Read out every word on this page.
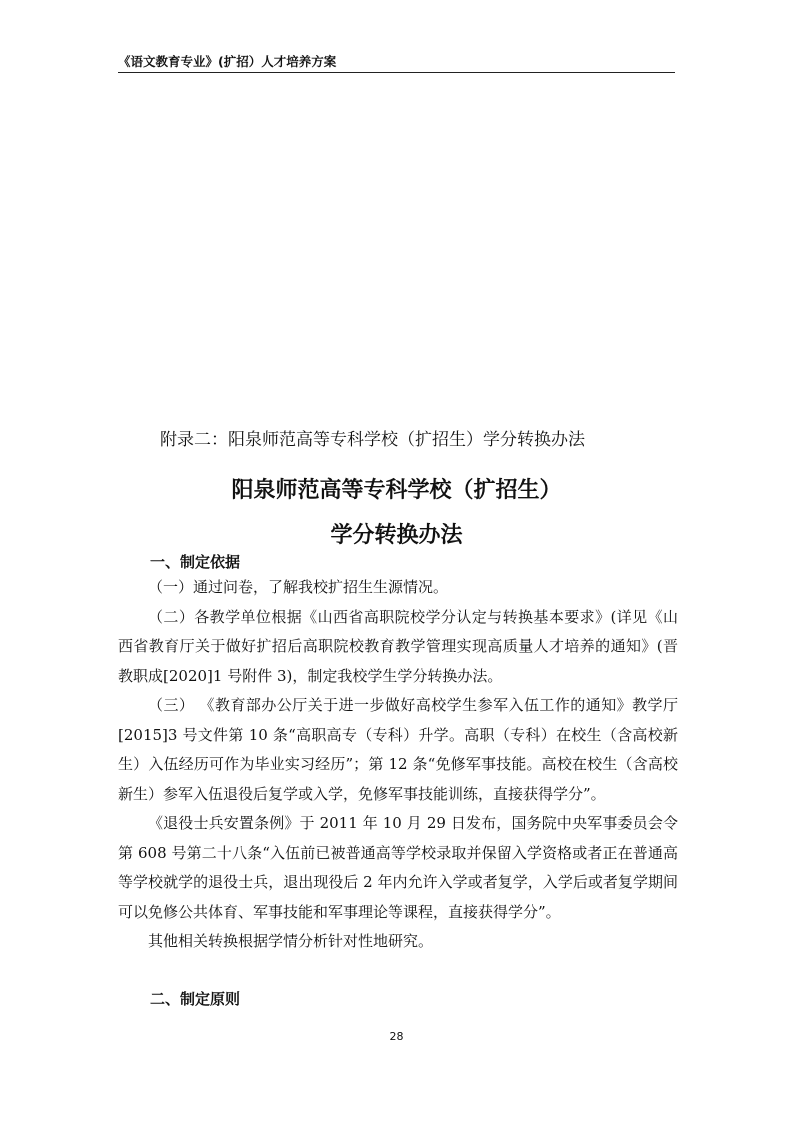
《语文教育专业》(扩招）人才培养方案
附录二：阳泉师范高等专科学校（扩招生）学分转换办法
阳泉师范高等专科学校（扩招生）
学分转换办法
一、制定依据

（一）通过问卷，了解我校扩招生生源情况。

（二）各教学单位根据《山西省高职院校学分认定与转换基本要求》(详见《山西省教育厅关于做好扩招后高职院校教育教学管理实现高质量人才培养的通知》(晋教职成[2020]1 号附件 3)，制定我校学生学分转换办法。

（三） 《教育部办公厅关于进一步做好高校学生参军入伍工作的通知》教学厅 [2015]3 号文件第 10 条“高职高专（专科）升学。高职（专科）在校生（含高校新生）入伍经历可作为毕业实习经历”；第 12 条“免修军事技能。高校在校生（含高校新生）参军入伍退役后复学或入学，免修军事技能训练，直接获得学分”。

《退役士兵安置条例》于 2011 年 10 月 29 日发布，国务院中央军事委员会令第 608 号第二十八条“入伍前已被普通高等学校录取并保留入学资格或者正在普通高等学校就学的退役士兵，退出现役后 2 年内允许入学或者复学，入学后或者复学期间可以免修公共体育、军事技能和军事理论等课程，直接获得学分”。

其他相关转换根据学情分析针对性地研究。

二、制定原则
28
